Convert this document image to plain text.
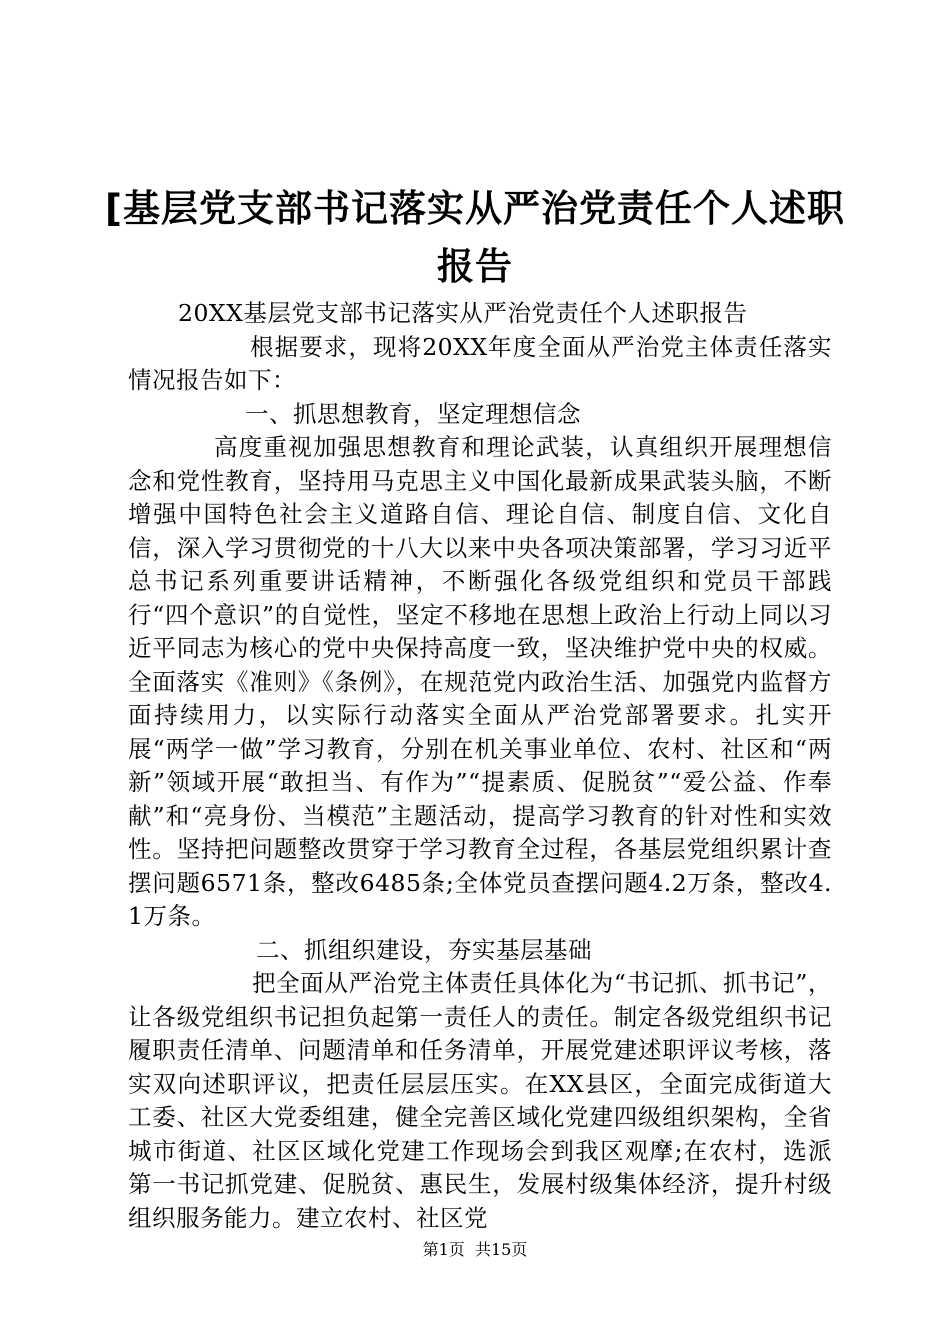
[基层党支部书记落实从严治党责任个人述职
报告

20XX基层党支部书记落实从严治党责任个人述职报告

根据要求，现将20XX年度全面从严治党主体责任落实情况报告如下：

一、抓思想教育，坚定理想信念

高度重视加强思想教育和理论武装，认真组织开展理想信念和党性教育，坚持用马克思主义中国化最新成果武装头脑，不断增强中国特色社会主义道路自信、理论自信、制度自信、文化自信，深入学习贯彻党的十八大以来中央各项决策部署，学习习近平总书记系列重要讲话精神，不断强化各级党组织和党员干部践行“四个意识”的自觉性，坚定不移地在思想上政治上行动上同以习近平同志为核心的党中央保持高度一致，坚决维护党中央的权威。全面落实《准则》《条例》，在规范党内政治生活、加强党内监督方面持续用力，以实际行动落实全面从严治党部署要求。扎实开展“两学一做”学习教育，分别在机关事业单位、农村、社区和“两新”领域开展“敢担当、有作为”“提素质、促脱贫”“爱公益、作奉献”和“亮身份、当模范”主题活动，提高学习教育的针对性和实效性。坚持把问题整改贯穿于学习教育全过程，各基层党组织累计查摆问题6571条，整改6485条;全体党员查摆问题4.2万条，整改4.1万条。

二、抓组织建设，夯实基层基础

把全面从严治党主体责任具体化为“书记抓、抓书记”，让各级党组织书记担负起第一责任人的责任。制定各级党组织书记履职责任清单、问题清单和任务清单，开展党建述职评议考核，落实双向述职评议，把责任层层压实。在XX县区，全面完成街道大工委、社区大党委组建，健全完善区域化党建四级组织架构，全省城市街道、社区区域化党建工作现场会到我区观摩;在农村，选派第一书记抓党建、促脱贫、惠民生，发展村级集体经济，提升村级组织服务能力。建立农村、社区党

第1页 共15页
